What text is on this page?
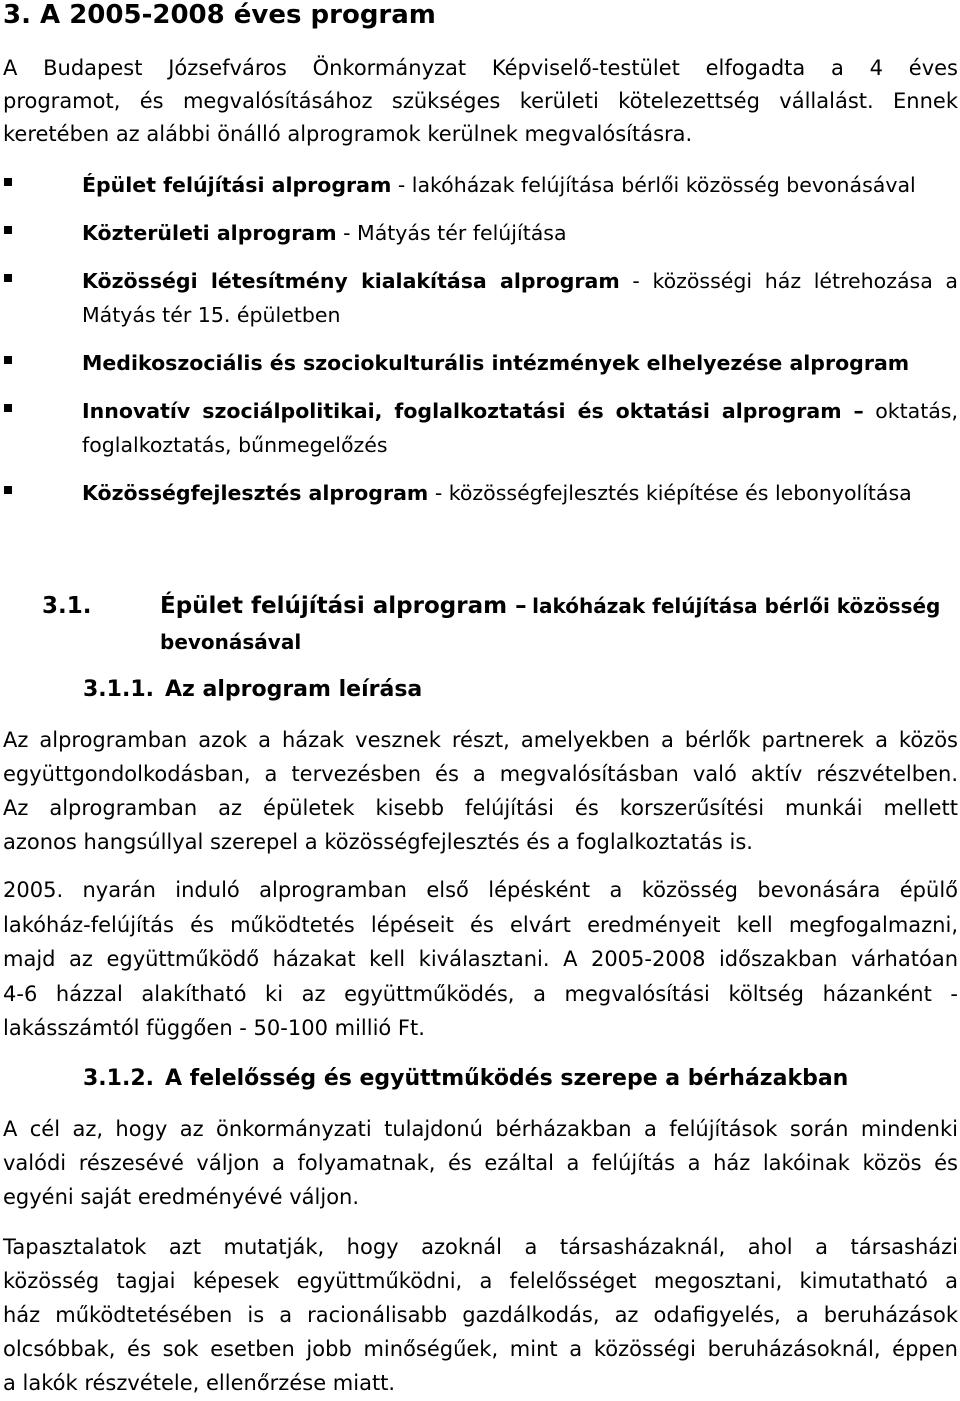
3. A 2005-2008 éves program
A Budapest Józsefváros Önkormányzat Képviselő-testület elfogadta a 4 éves
programot, és megvalósításához szükséges kerületi kötelezettség vállalást. Ennek
keretében az alábbi önálló alprogramok kerülnek megvalósításra.
Épület felújítási alprogram - lakóházak felújítása bérlői közösség bevonásával
Közterületi alprogram - Mátyás tér felújítása
Közösségi létesítmény kialakítása alprogram - közösségi ház létrehozása a Mátyás tér 15. épületben
Medikoszociális és szociokulturális intézmények elhelyezése alprogram
Innovatív szociálpolitikai, foglalkoztatási és oktatási alprogram – oktatás, foglalkoztatás, bűnmegelőzés
Közösségfejlesztés alprogram - közösségfejlesztés kiépítése és lebonyolítása
3.1.	Épület felújítási alprogram – lakóházak felújítása bérlői közösség bevonásával
3.1.1. Az alprogram leírása
Az alprogramban azok a házak vesznek részt, amelyekben a bérlők partnerek a közös
együttgondolkodásban, a tervezésben és a megvalósításban való aktív részvételben.
Az alprogramban az épületek kisebb felújítási és korszerűsítési munkái mellett
azonos hangsúllyal szerepel a közösségfejlesztés és a foglalkoztatás is.
2005. nyarán induló alprogramban első lépésként a közösség bevonására épülő
lakóház-felújítás és működtetés lépéseit és elvárt eredményeit kell megfogalmazni,
majd az együttműködő házakat kell kiválasztani. A 2005-2008 időszakban várhatóan
4-6 házzal alakítható ki az együttműködés, a megvalósítási költség házanként -
lakásszámtól függően - 50-100 millió Ft.
3.1.2. A felelősség és együttműködés szerepe a bérházakban
A cél az, hogy az önkormányzati tulajdonú bérházakban a felújítások során mindenki
valódi részesévé váljon a folyamatnak, és ezáltal a felújítás a ház lakóinak közös és
egyéni saját eredményévé váljon.
Tapasztalatok azt mutatják, hogy azoknál a társasházaknál, ahol a társasházi
közösség tagjai képesek együttműködni, a felelősséget megosztani, kimutatható a
ház működtetésében is a racionálisabb gazdálkodás, az odafigyelés, a beruházások
olcsóbbak, és sok esetben jobb minőségűek, mint a közösségi beruházásoknál, éppen
a lakók részvétele, ellenőrzése miatt.
